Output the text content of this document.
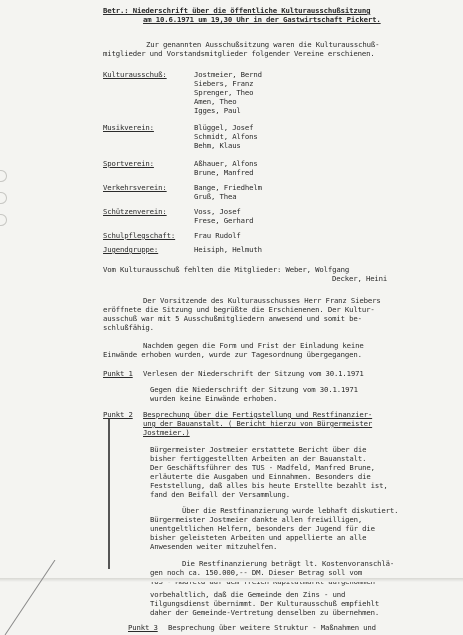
Betr.: Niederschrift über die öffentliche Kulturausschußsitzung
am 10.6.1971 um 19,30 Uhr in der Gastwirtschaft Pickert.
Zur genannten Ausschußsitzung waren die Kulturausschuß-
mitglieder und Vorstandsmitglieder folgender Vereine erschienen.
Kulturausschuß:	Jostmeier, Bernd
Siebers, Franz
Sprenger, Theo
Amen, Theo
Igges, Paul
Musikverein:	Blüggel, Josef
Schmidt, Alfons
Behm, Klaus
Sportverein:	Aßhauer, Alfons
Brune, Manfred
Verkehrsverein:	Bange, Friedhelm
Gruß, Thea
Schützenverein:	Voss, Josef
Frese, Gerhard
Schulpflegschaft:	Frau Rudolf
Jugendgruppe:	Heisiph, Helmuth
Vom Kulturausschuß fehlten die Mitglieder: Weber, Wolfgang
Decker, Heini
Der Vorsitzende des Kulturausschusses Herr Franz Siebers
eröffnete die Sitzung und begrüßte die Erschienenen. Der Kultur-
ausschuß war mit 5 Ausschußmitgliedern anwesend und somit be-
schlußfähig.
Nachdem gegen die Form und Frist der Einladung keine
Einwände erhoben wurden, wurde zur Tagesordnung übergegangen.
Punkt 1 Verlesen der Niederschrift der Sitzung vom 30.1.1971
Gegen die Niederschrift der Sitzung vom 30.1.1971
wurden keine Einwände erhoben.
Punkt 2 Besprechung über die Fertigstellung und Restfinanzier-
ung der Bauanstalt. ( Bericht hierzu von Bürgermeister
Jostmeier.)
Bürgermeister Jostmeier erstattete Bericht über die
bisher fertiggestellten Arbeiten an der Bauanstalt.
Der Geschäftsführer des TUS - Madfeld, Manfred Brune,
erläuterte die Ausgaben und Einnahmen. Besonders die
Feststellung, daß alles bis heute Erstellte bezahlt ist,
fand den Beifall der Versammlung.
Über die Restfinanzierung wurde lebhaft diskutiert.
Bürgermeister Jostmeier dankte allen freiwilligen,
unentgeltlichen Helfern, besonders der Jugend für die
bisher geleisteten Arbeiten und appellierte an alle
Anwesenden weiter mitzuhelfen.
Die Restfinanzierung beträgt lt. Kostenvoranschlä-
gen noch ca. 150.000,-- DM. Dieser Betrag soll vom
vorbehaltlich, daß die Gemeinde den Zins - und
Tilgungsdienst übernimmt. Der Kulturausschuß empfiehlt
daher der Gemeinde-Vertretung denselben zu übernehmen.
Punkt 3 Besprechung über weitere Struktur - Maßnahmen und
